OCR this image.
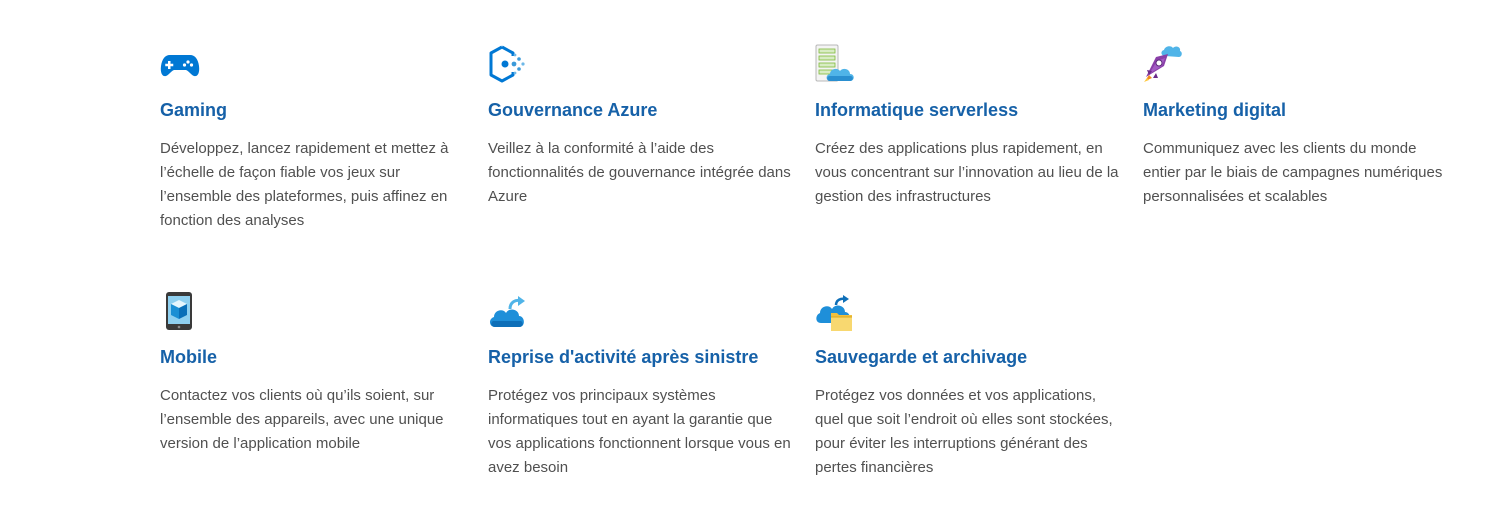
Gaming

Développez, lancez rapidement et mettez à l’échelle de façon fiable vos jeux sur l’ensemble des plateformes, puis affinez en fonction des analyses

Gouvernance Azure

Veillez à la conformité à l’aide des fonctionnalités de gouvernance intégrée dans Azure

Informatique serverless

Créez des applications plus rapidement, en vous concentrant sur l’innovation au lieu de la gestion des infrastructures

Marketing digital

Communiquez avec les clients du monde entier par le biais de campagnes numériques personnalisées et scalables

Mobile

Contactez vos clients où qu’ils soient, sur l’ensemble des appareils, avec une unique version de l’application mobile

Reprise d'activité après sinistre

Protégez vos principaux systèmes informatiques tout en ayant la garantie que vos applications fonctionnent lorsque vous en avez besoin

Sauvegarde et archivage

Protégez vos données et vos applications, quel que soit l’endroit où elles sont stockées, pour éviter les interruptions générant des pertes financières
